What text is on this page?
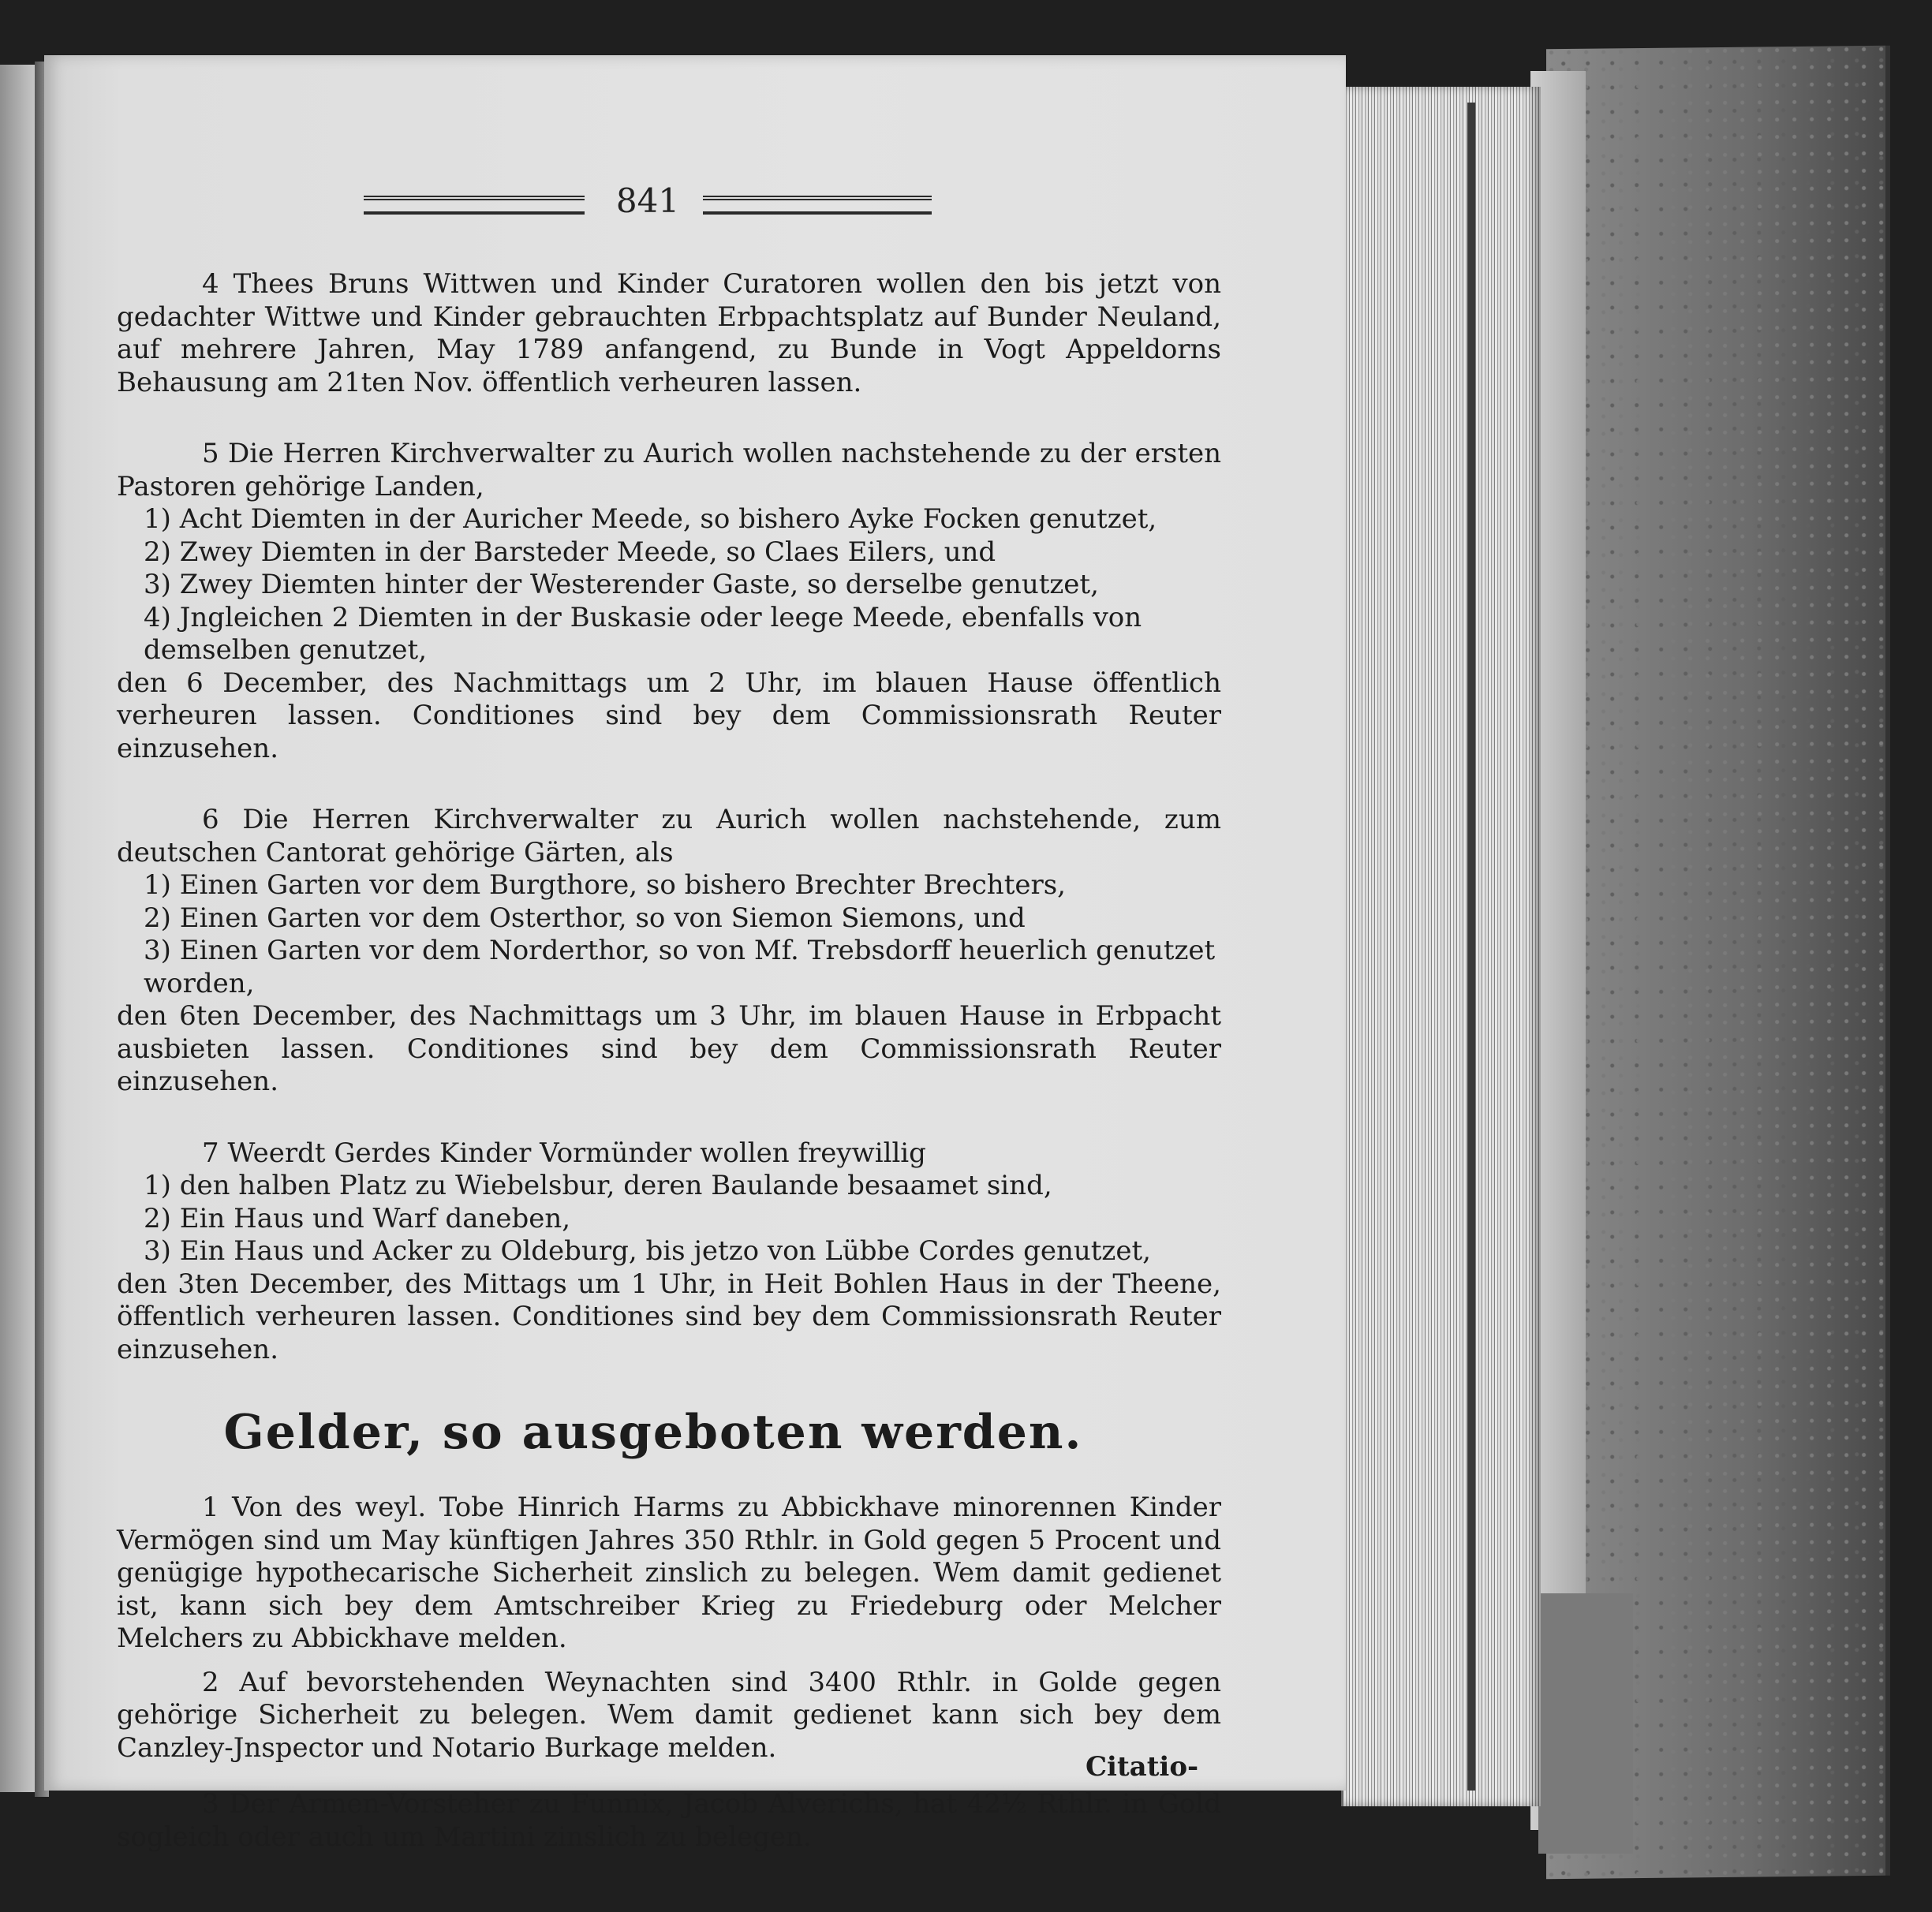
841

4 Thees Bruns Wittwen und Kinder Curatoren wollen den bis jetzt von gedachter Wittwe und Kinder gebrauchten Erbpachtsplatz auf Bunder Neuland, auf mehrere Jahren, May 1789 anfangend, zu Bunde in Vogt Appeldorns Behausung am 21ten Nov. öffentlich verheuren lassen.

5 Die Herren Kirchverwalter zu Aurich wollen nachstehende zu der ersten Pastoren gehörige Landen,

1) Acht Diemten in der Auricher Meede, so bishero Ayke Focken genutzet,

2) Zwey Diemten in der Barsteder Meede, so Claes Eilers, und

3) Zwey Diemten hinter der Westerender Gaste, so derselbe genutzet,

4) Jngleichen 2 Diemten in der Buskasie oder leege Meede, ebenfalls von demselben genutzet,

den 6 December, des Nachmittags um 2 Uhr, im blauen Hause öffentlich verheuren lassen. Conditiones sind bey dem Commissionsrath Reuter einzusehen.

6 Die Herren Kirchverwalter zu Aurich wollen nachstehende, zum deutschen Cantorat gehörige Gärten, als

1) Einen Garten vor dem Burgthore, so bishero Brechter Brechters,

2) Einen Garten vor dem Osterthor, so von Siemon Siemons, und

3) Einen Garten vor dem Norderthor, so von Mf. Trebsdorff heuerlich genutzet worden,

den 6ten December, des Nachmittags um 3 Uhr, im blauen Hause in Erbpacht ausbieten lassen. Conditiones sind bey dem Commissionsrath Reuter einzusehen.

7 Weerdt Gerdes Kinder Vormünder wollen freywillig

1) den halben Platz zu Wiebelsbur, deren Baulande besaamet sind,

2) Ein Haus und Warf daneben,

3) Ein Haus und Acker zu Oldeburg, bis jetzo von Lübbe Cordes genutzet,

den 3ten December, des Mittags um 1 Uhr, in Heit Bohlen Haus in der Theene, öffentlich verheuren lassen. Conditiones sind bey dem Commissionsrath Reuter einzusehen.

Gelder, so ausgeboten werden.

1 Von des weyl. Tobe Hinrich Harms zu Abbickhave minorennen Kinder Vermögen sind um May künftigen Jahres 350 Rthlr. in Gold gegen 5 Procent und genügige hypothecarische Sicherheit zinslich zu belegen. Wem damit gedienet ist, kann sich bey dem Amtschreiber Krieg zu Friedeburg oder Melcher Melchers zu Abbickhave melden.

2 Auf bevorstehenden Weynachten sind 3400 Rthlr. in Golde gegen gehörige Sicherheit zu belegen. Wem damit gedienet kann sich bey dem Canzley-Jnspector und Notario Burkage melden.

3 Der Armen-Vorsteher zu Funnix, Jacob Alverichs, hat 42½ Rthlr. in Gold sogleich oder auch um Martini zinslich zu belegen.

Citatio-
